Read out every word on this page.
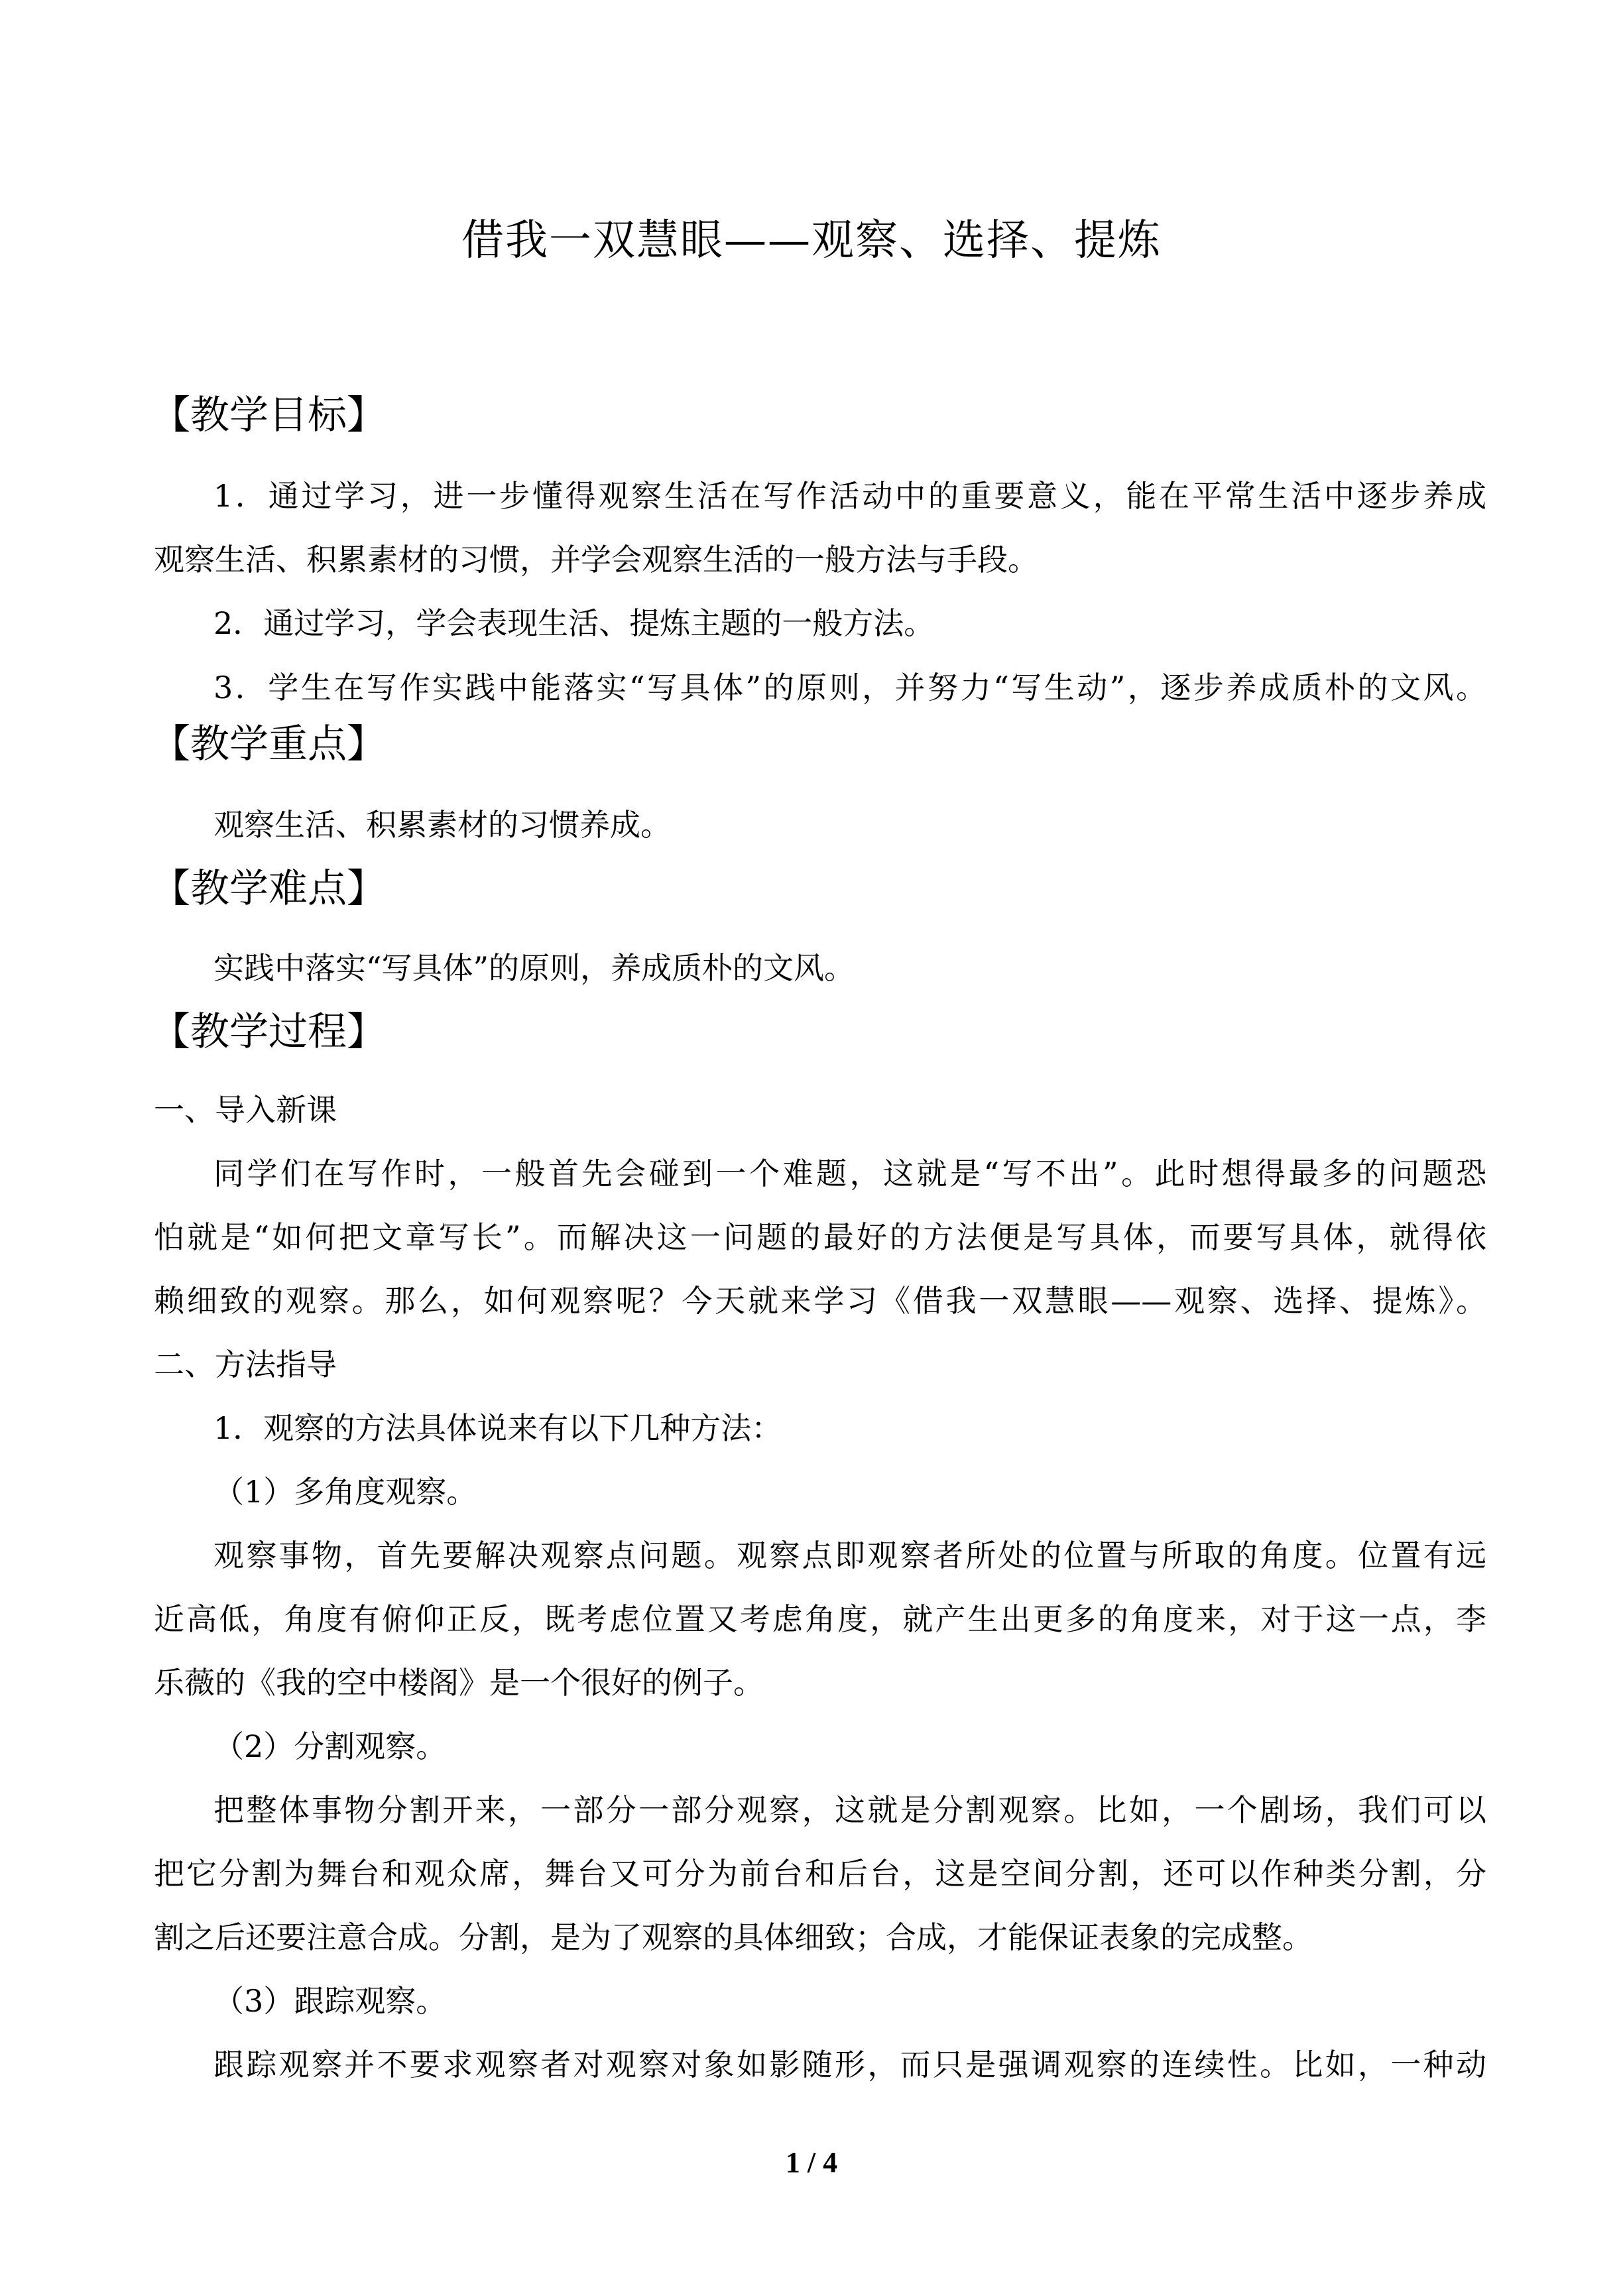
借我一双慧眼——观察、选择、提炼
【教学目标】
1．通过学习，进一步懂得观察生活在写作活动中的重要意义，能在平常生活中逐步养成
观察生活、积累素材的习惯，并学会观察生活的一般方法与手段。
2．通过学习，学会表现生活、提炼主题的一般方法。
3．学生在写作实践中能落实“写具体”的原则，并努力“写生动”，逐步养成质朴的文风。
【教学重点】
观察生活、积累素材的习惯养成。
【教学难点】
实践中落实“写具体”的原则，养成质朴的文风。
【教学过程】
一、导入新课
同学们在写作时，一般首先会碰到一个难题，这就是“写不出”。此时想得最多的问题恐
怕就是“如何把文章写长”。而解决这一问题的最好的方法便是写具体，而要写具体，就得依
赖细致的观察。那么，如何观察呢？今天就来学习《借我一双慧眼——观察、选择、提炼》。
二、方法指导
1．观察的方法具体说来有以下几种方法：
（1）多角度观察。
观察事物，首先要解决观察点问题。观察点即观察者所处的位置与所取的角度。位置有远
近高低，角度有俯仰正反，既考虑位置又考虑角度，就产生出更多的角度来，对于这一点，李
乐薇的《我的空中楼阁》是一个很好的例子。
（2）分割观察。
把整体事物分割开来，一部分一部分观察，这就是分割观察。比如，一个剧场，我们可以
把它分割为舞台和观众席，舞台又可分为前台和后台，这是空间分割，还可以作种类分割，分
割之后还要注意合成。分割，是为了观察的具体细致；合成，才能保证表象的完成整。
（3）跟踪观察。
跟踪观察并不要求观察者对观察对象如影随形，而只是强调观察的连续性。比如，一种动
1 / 4
